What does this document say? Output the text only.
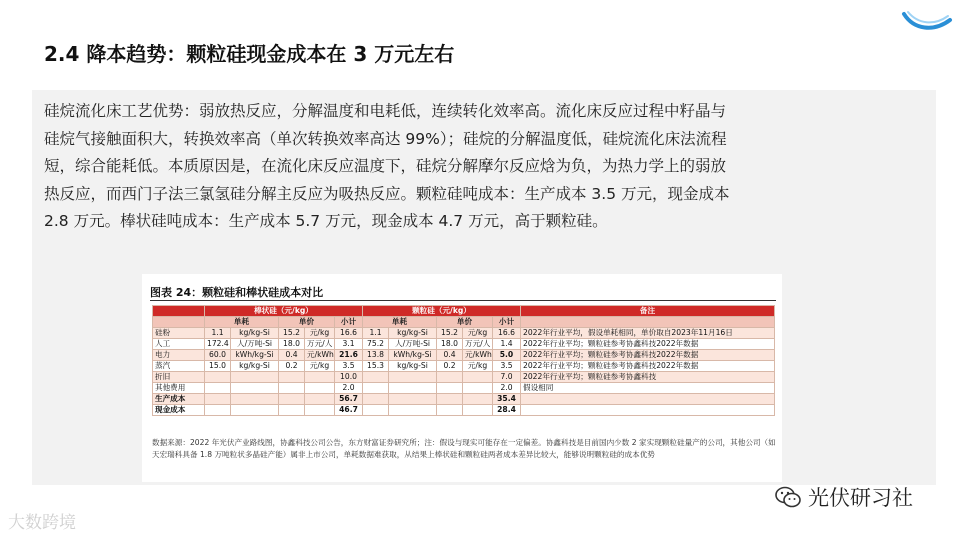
2.4 降本趋势：颗粒硅现金成本在 3 万元左右
硅烷流化床工艺优势：弱放热反应，分解温度和电耗低，连续转化效率高。流化床反应过程中籽晶与
硅烷气接触面积大，转换效率高（单次转换效率高达 99%）；硅烷的分解温度低，硅烷流化床法流程
短，综合能耗低。本质原因是，在流化床反应温度下，硅烷分解摩尔反应焓为负，为热力学上的弱放
热反应，而西门子法三氯氢硅分解主反应为吸热反应。颗粒硅吨成本：生产成本 3.5 万元，现金成本
2.8 万元。棒状硅吨成本：生产成本 5.7 万元，现金成本 4.7 万元，高于颗粒硅。
图表 24：颗粒硅和棒状硅成本对比
	棒状硅（元/kg）					颗粒硅（元/kg）					备注
	单耗		单价		小计	单耗		单价		小计	
硅粉	1.1	kg/kg-Si	15.2	元/kg	16.6	1.1	kg/kg-Si	15.2	元/kg	16.6	2022年行业平均，假设单耗相同，单价取自2023年11月16日
人工	172.4	人/万吨-Si	18.0	万元/人	3.1	75.2	人/万吨-Si	18.0	万元/人	1.4	2022年行业平均；颗粒硅参考协鑫科技2022年数据
电力	60.0	kWh/kg-Si	0.4	元/kWh	21.6	13.8	kWh/kg-Si	0.4	元/kWh	5.0	2022年行业平均；颗粒硅参考协鑫科技2022年数据
蒸汽	15.0	kg/kg-Si	0.2	元/kg	3.5	15.3	kg/kg-Si	0.2	元/kg	3.5	2022年行业平均；颗粒硅参考协鑫科技2022年数据
折旧					10.0					7.0	2022年行业平均；颗粒硅参考协鑫科技
其他费用					2.0					2.0	假设相同
生产成本					56.7					35.4	
现金成本					46.7					28.4	
数据来源：2022 年光伏产业路线图，协鑫科技公司公告，东方财富证券研究所；注：假设与现实可能存在一定偏差。协鑫科技是目前国内少数 2 家实现颗粒硅量产的公司，其他公司（如天宏瑞科具备 1.8 万吨粒状多晶硅产能）属非上市公司，单耗数据难获取，从结果上棒状硅和颗粒硅两者成本差异比较大，能够说明颗粒硅的成本优势
大数跨境
光伏研习社
